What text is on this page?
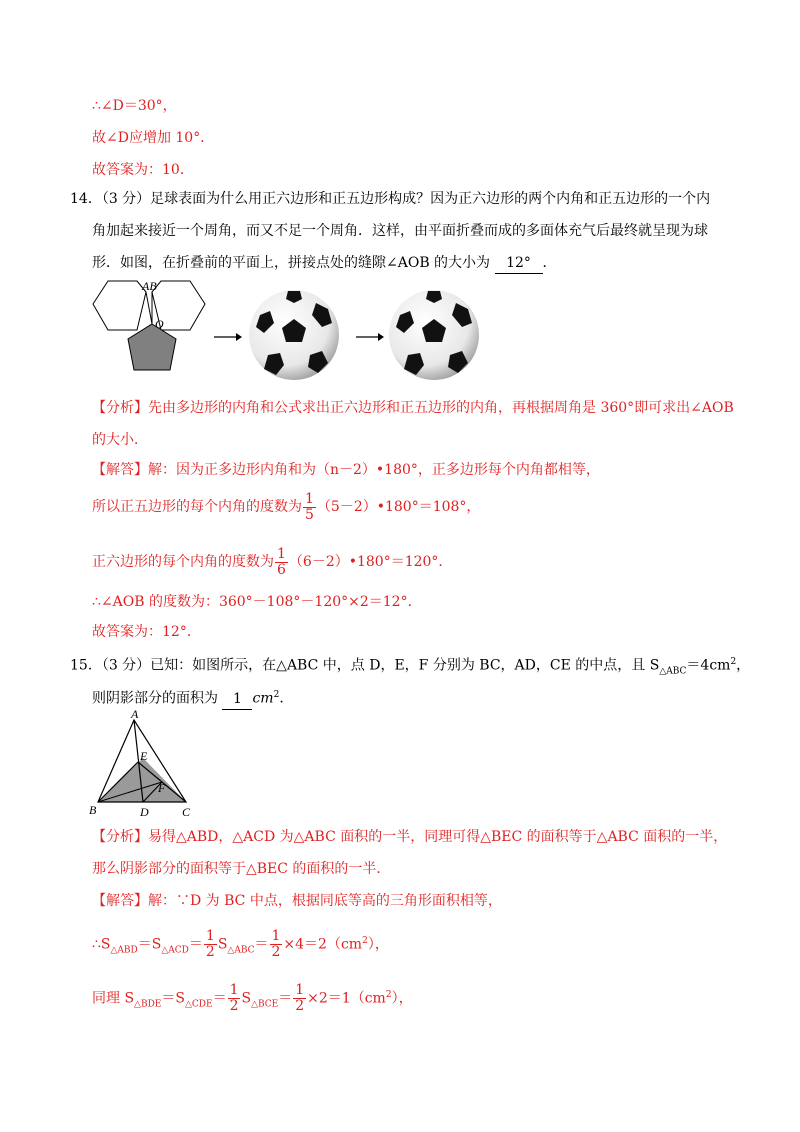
∴∠D＝30°，
故∠D应增加 10°．
故答案为：10．
14．（3 分）足球表面为什么用正六边形和正五边形构成？因为正六边形的两个内角和正五边形的一个内
角加起来接近一个周角，而又不足一个周角．这样，由平面折叠而成的多面体充气后最终就呈现为球
形．如图，在折叠前的平面上，拼接点处的缝隙∠AOB 的大小为 12° ．
AB
O
【分析】先由多边形的内角和公式求出正六边形和正五边形的内角，再根据周角是 360°即可求出∠AOB
的大小．
【解答】解：因为正多边形内角和为（n－2）•180°，正多边形每个内角都相等，
所以正五边形的每个内角的度数为 $\frac{1}{5}$ （5－2）•180°＝108°，
正六边形的每个内角的度数为 $\frac{1}{6}$ （6－2）•180°＝120°．
∴∠AOB 的度数为：360°－108°－120°×2＝12°．
故答案为：12°．
15．（3 分）已知：如图所示，在△ABC 中，点 D，E，F 分别为 BC，AD，CE 的中点，且 $S_{\triangle ABC}=4cm^2$，
则阴影部分的面积为 1 $cm^2$．
A
E
F
B	D	C
【分析】易得△ABD，△ACD 为△ABC 面积的一半，同理可得△BEC 的面积等于△ABC 面积的一半，
那么阴影部分的面积等于△BEC 的面积的一半．
【解答】解：∵D 为 BC 中点，根据同底等高的三角形面积相等，
$\therefore S_{\triangle ABD}=S_{\triangle ACD}= \frac{1}{2} S_{\triangle ABC}= \frac{1}{2} \times 4=2(cm^2)$，
同理 $S_{\triangle BDE}=S_{\triangle CDE}= \frac{1}{2} S_{\triangle BCE}= \frac{1}{2} \times 2=1(cm^2)$，
